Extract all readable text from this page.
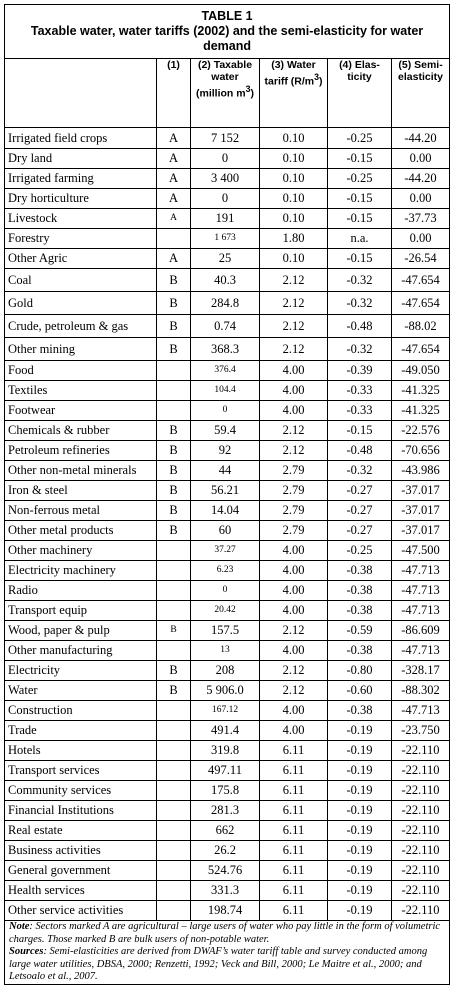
TABLE 1
Taxable water, water tariffs (2002) and the semi-elasticity for water demand					
	(1)	(2) Taxable water (million $m^3$)	(3) Water tariff $(R/m^3)$	(4) Elas-ticity	(5) Semi-elasticity
Irrigated field crops	A	7 152	0.10	-0.25	-44.20
Dry land	A	0	0.10	-0.15	0.00
Irrigated farming	A	3 400	0.10	-0.25	-44.20
Dry horticulture	A	0	0.10	-0.15	0.00
Livestock	A	191	0.10	-0.15	-37.73
Forestry		1 673	1.80	n.a.	0.00
Other Agric	A	25	0.10	-0.15	-26.54
Coal	B	40.3	2.12	-0.32	-47.654
Gold	B	284.8	2.12	-0.32	-47.654
Crude, petroleum & gas	B	0.74	2.12	-0.48	-88.02
Other mining	B	368.3	2.12	-0.32	-47.654
Food		376.4	4.00	-0.39	-49.050
Textiles		104.4	4.00	-0.33	-41.325
Footwear		0	4.00	-0.33	-41.325
Chemicals & rubber	B	59.4	2.12	-0.15	-22.576
Petroleum refineries	B	92	2.12	-0.48	-70.656
Other non-metal minerals	B	44	2.79	-0.32	-43.986
Iron & steel	B	56.21	2.79	-0.27	-37.017
Non-ferrous metal	B	14.04	2.79	-0.27	-37.017
Other metal products	B	60	2.79	-0.27	-37.017
Other machinery		37.27	4.00	-0.25	-47.500
Electricity machinery		6.23	4.00	-0.38	-47.713
Radio		0	4.00	-0.38	-47.713
Transport equip		20.42	4.00	-0.38	-47.713
Wood, paper & pulp	B	157.5	2.12	-0.59	-86.609
Other manufacturing		13	4.00	-0.38	-47.713
Electricity	B	208	2.12	-0.80	-328.17
Water	B	5 906.0	2.12	-0.60	-88.302
Construction		167.12	4.00	-0.38	-47.713
Trade		491.4	4.00	-0.19	-23.750
Hotels		319.8	6.11	-0.19	-22.110
Transport services		497.11	6.11	-0.19	-22.110
Community services		175.8	6.11	-0.19	-22.110
Financial Institutions		281.3	6.11	-0.19	-22.110
Real estate		662	6.11	-0.19	-22.110
Business activities		26.2	6.11	-0.19	-22.110
General government		524.76	6.11	-0.19	-22.110
Health services		331.3	6.11	-0.19	-22.110
Other service activities		198.74	6.11	-0.19	-22.110

Note: Sectors marked A are agricultural – large users of water who pay little in the form of volumetric charges. Those marked B are bulk users of non-potable water.

Sources: Semi-elasticities are derived from DWAF’s water tariff table and survey conducted among large water utilities, DBSA, 2000; Renzetti, 1992; Veck and Bill, 2000; Le Maitre et al., 2000; and Letsoalo et al., 2007.					
